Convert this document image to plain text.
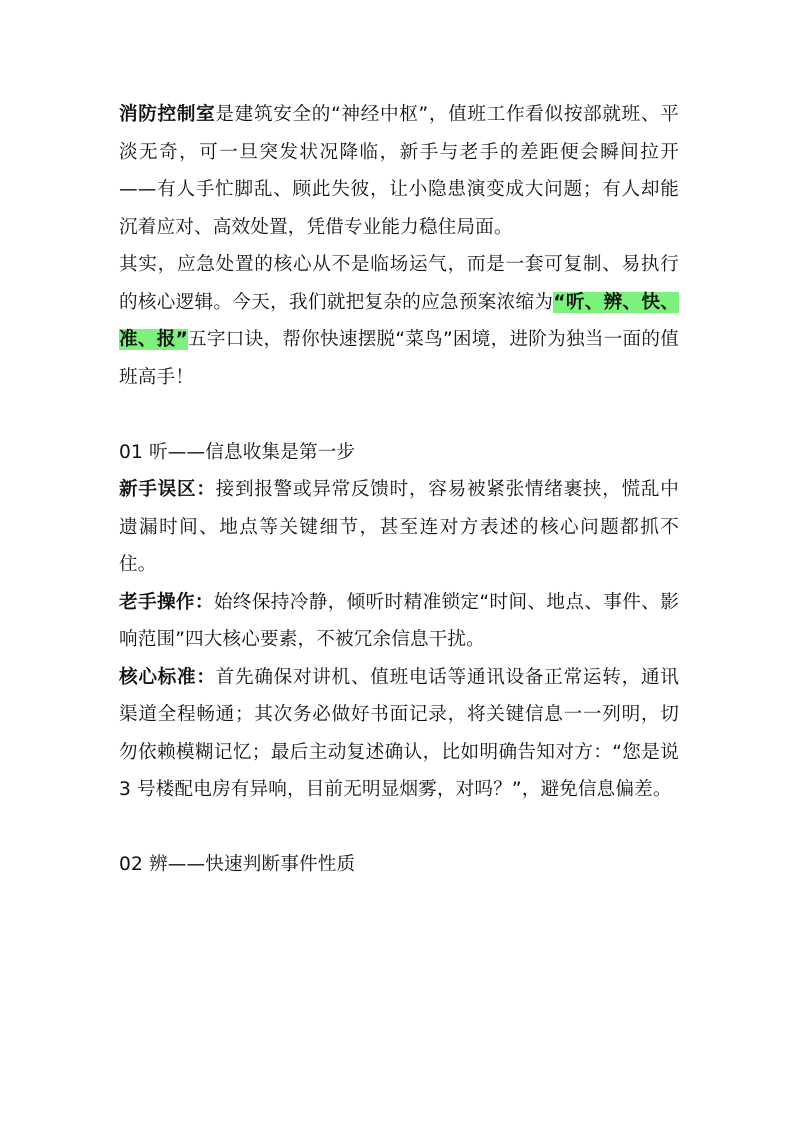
消防控制室是建筑安全的“神经中枢”，值班工作看似按部就班、平淡无奇，可一旦突发状况降临，新手与老手的差距便会瞬间拉开——有人手忙脚乱、顾此失彼，让小隐患演变成大问题；有人却能沉着应对、高效处置，凭借专业能力稳住局面。

其实，应急处置的核心从不是临场运气，而是一套可复制、易执行的核心逻辑。今天，我们就把复杂的应急预案浓缩为“听、辨、快、准、报”五字口诀，帮你快速摆脱“菜鸟”困境，进阶为独当一面的值班高手！

01 听——信息收集是第一步

新手误区：接到报警或异常反馈时，容易被紧张情绪裹挟，慌乱中遗漏时间、地点等关键细节，甚至连对方表述的核心问题都抓不住。

老手操作：始终保持冷静，倾听时精准锁定“时间、地点、事件、影响范围”四大核心要素，不被冗余信息干扰。

核心标准：首先确保对讲机、值班电话等通讯设备正常运转，通讯渠道全程畅通；其次务必做好书面记录，将关键信息一一列明，切勿依赖模糊记忆；最后主动复述确认，比如明确告知对方：“您是说 3 号楼配电房有异响，目前无明显烟雾，对吗？”，避免信息偏差。

02 辨——快速判断事件性质
